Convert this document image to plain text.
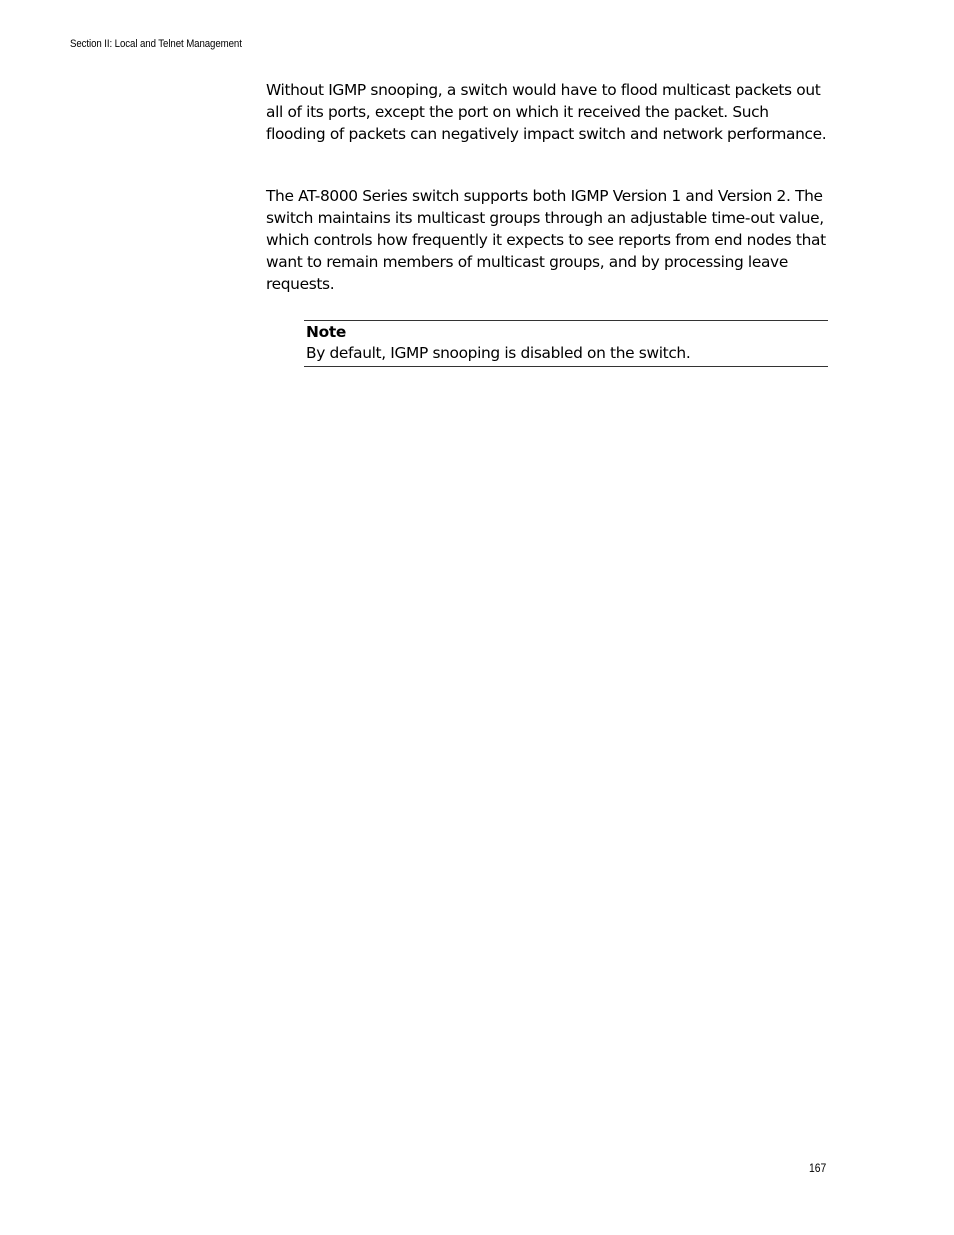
Section II: Local and Telnet Management

Without IGMP snooping, a switch would have to flood multicast packets out all of its ports, except the port on which it received the packet. Such flooding of packets can negatively impact switch and network performance.

The AT-8000 Series switch supports both IGMP Version 1 and Version 2. The switch maintains its multicast groups through an adjustable time-out value, which controls how frequently it expects to see reports from end nodes that want to remain members of multicast groups, and by processing leave requests.

Note
By default, IGMP snooping is disabled on the switch.
167
